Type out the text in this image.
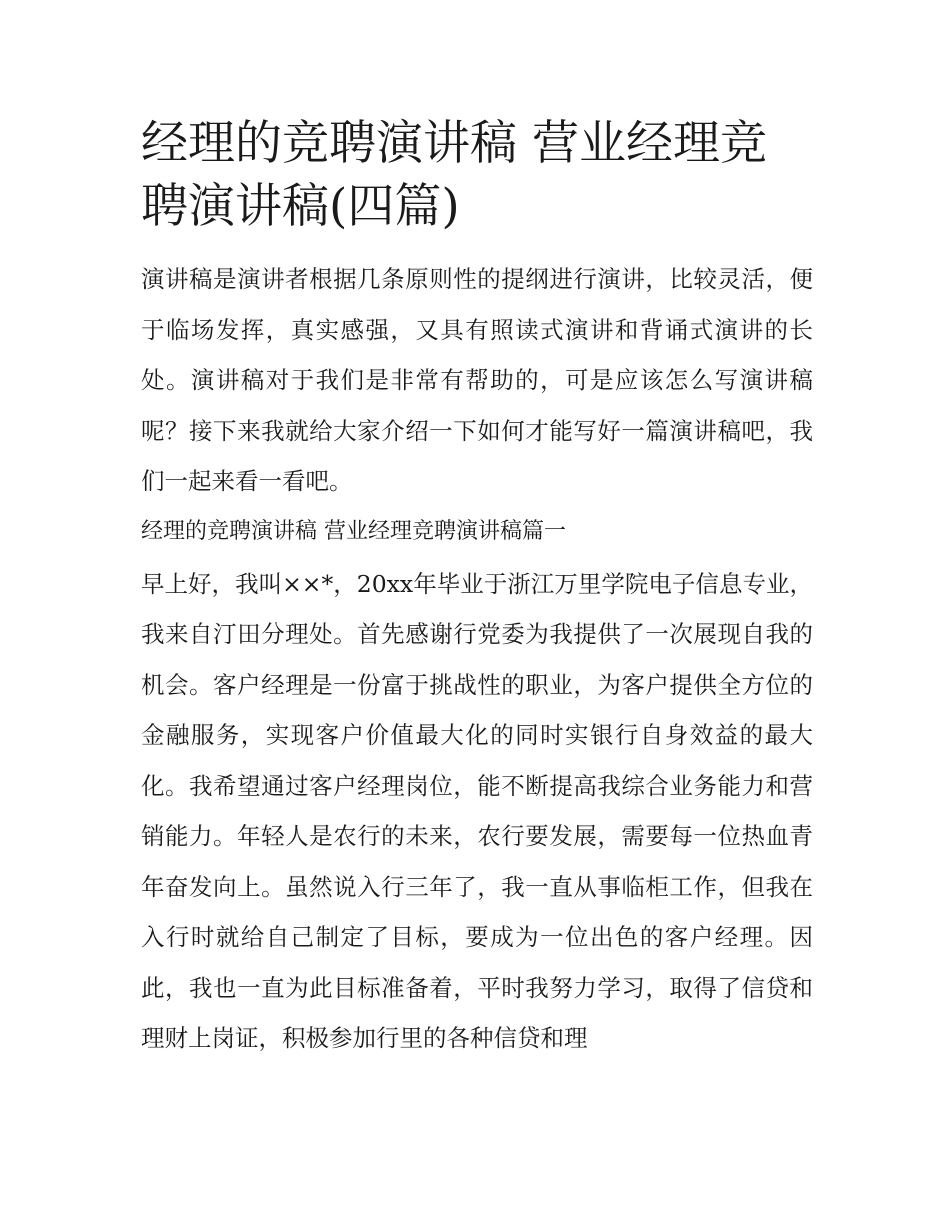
经理的竞聘演讲稿 营业经理竞聘演讲稿(四篇)

演讲稿是演讲者根据几条原则性的提纲进行演讲，比较灵活，便于临场发挥，真实感强，又具有照读式演讲和背诵式演讲的长处。演讲稿对于我们是非常有帮助的，可是应该怎么写演讲稿呢？接下来我就给大家介绍一下如何才能写好一篇演讲稿吧，我们一起来看一看吧。

经理的竞聘演讲稿 营业经理竞聘演讲稿篇一

早上好，我叫××*，20xx年毕业于浙江万里学院电子信息专业，我来自汀田分理处。首先感谢行党委为我提供了一次展现自我的机会。客户经理是一份富于挑战性的职业，为客户提供全方位的金融服务，实现客户价值最大化的同时实银行自身效益的最大化。我希望通过客户经理岗位，能不断提高我综合业务能力和营销能力。年轻人是农行的未来，农行要发展，需要每一位热血青年奋发向上。虽然说入行三年了，我一直从事临柜工作，但我在入行时就给自己制定了目标，要成为一位出色的客户经理。因此，我也一直为此目标准备着，平时我努力学习，取得了信贷和理财上岗证，积极参加行里的各种信贷和理
